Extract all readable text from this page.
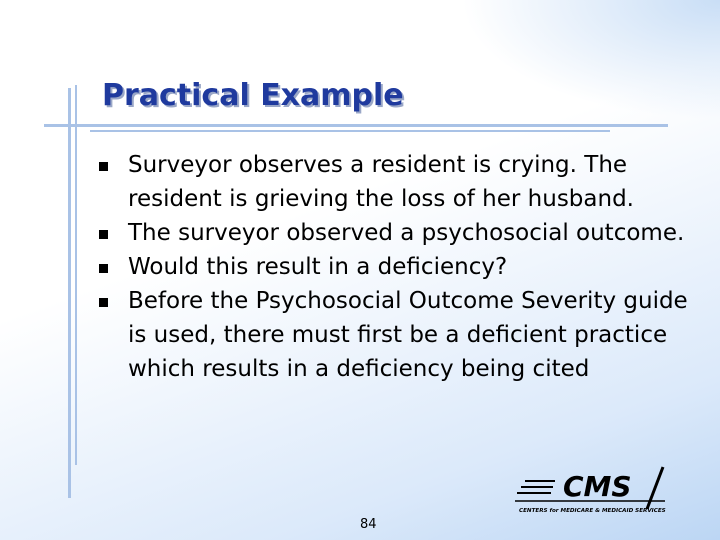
Practical Example
Surveyor observes a resident is crying. The resident is grieving the loss of her husband.
The surveyor observed a psychosocial outcome.
Would this result in a deficiency?
Before the Psychosocial Outcome Severity guide is used, there must first be a deficient practice which results in a deficiency being cited
84
CMS
CENTERS for MEDICARE & MEDICAID SERVICES
